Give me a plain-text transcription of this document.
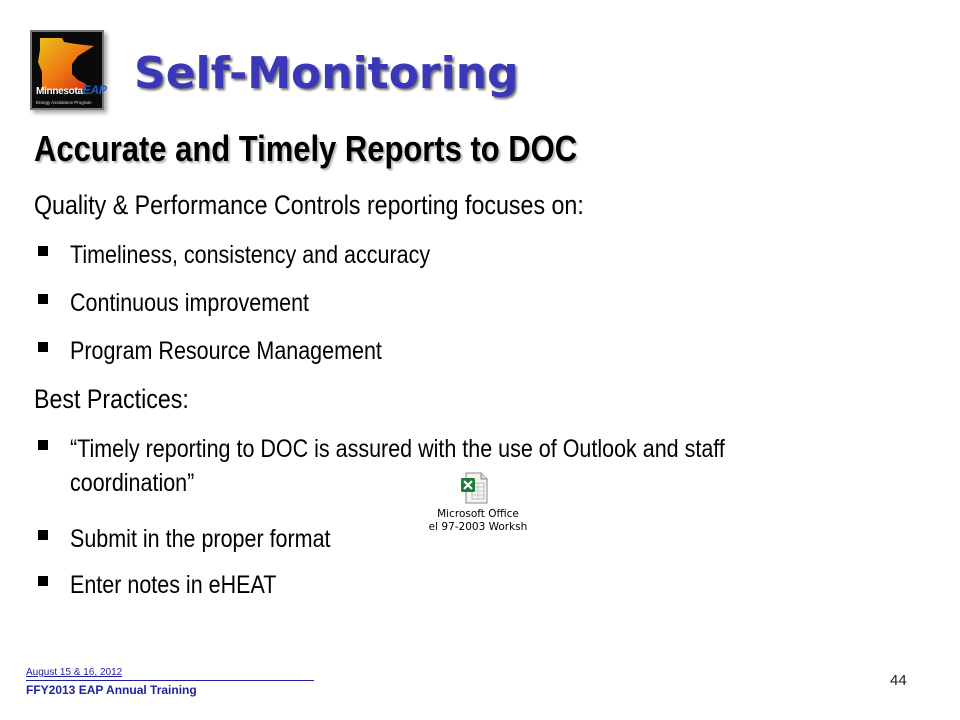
MinnesotaEAP
Energy Assistance Program
Self-Monitoring
Accurate and Timely Reports to DOC
Quality & Performance Controls reporting focuses on:
Timeliness, consistency and accuracy
Continuous improvement
Program Resource Management
Best Practices:
“Timely reporting to DOC is assured with the use of Outlook and staff
coordination”
Submit in the proper format
Enter notes in eHEAT
Microsoft Office
el 97-2003 Worksh
August 15 & 16, 2012
FFY2013 EAP Annual Training
44
